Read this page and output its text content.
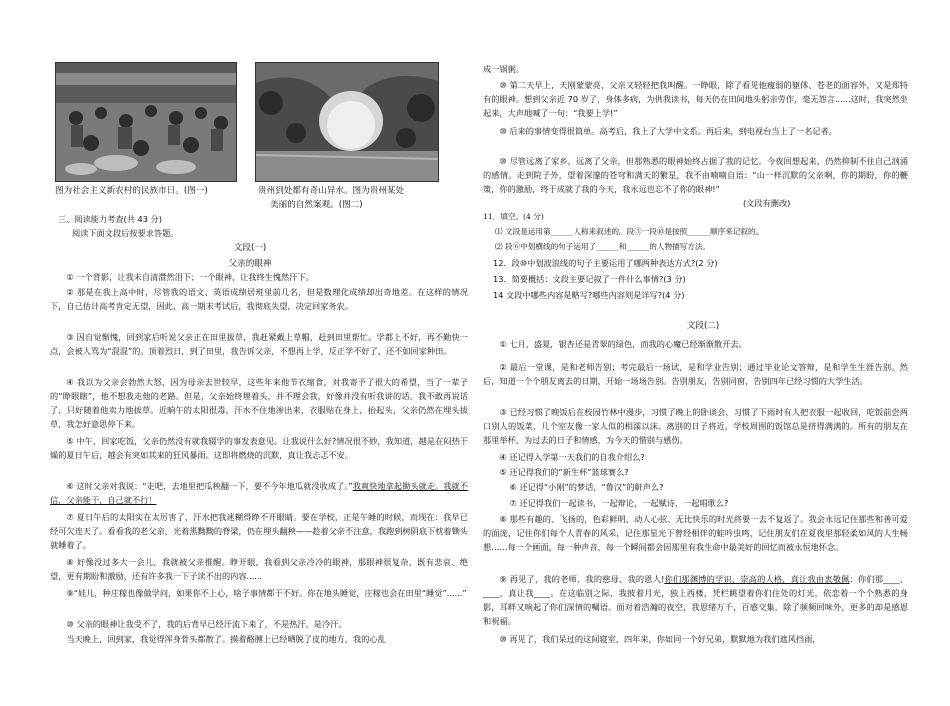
图为社会主义新农村的民族市日。(图一)	贵州到处都有奇山异水。图为贵州某处
美丽的自然案观。(图二)
三、阅读能力考查(共 43 分)
阅读下面文段后按要求答题。
文段(一)
父亲的眼神
① 一个背影，让我未自清潸然泪下；一个眼神，让我终生愧然汗下。
② 那是在我上高中时，尽管我的语文、英语成绩居班里前几名，但是数理化成绩却出奇地差。在这样的情况下，自己估计高考肯定无望，因此，高一期末考试后，我彻底失望，决定回家务农。
③ 因自觉惭愧，回到家后听说父亲正在田里拔草，我赶紧戴上草帽，赶到田里帮忙。学都上不好，再不勤快一点，会被人骂为“混混”的。顶着烈日，到了田里，我告诉父亲，不想再上学，反正学不好了，还不如回家种田。
④ 我以为父亲会勃然大怒，因为母亲去世较早，这些年来他节衣缩食，对我寄予了很大的希望，当了一辈子的“睁眼瞎”，他不想我走他的老路。但是，父亲始终埋着头，并不理会我，好像并没有听我讲的话。我不敢再说话了，只好随着他卖力地拔草。近晌午的太阳很毒，汗水不住地渗出来，衣服贴在身上，抬起头，父亲仍然在埋头拔草，我怎好意思停下来。
⑤ 中午，回家吃饭，父亲仍然没有就我辍学的事发表意见。让我说什么好?情况很不妙，我知道，越是在闷热干燥的夏日午后，越会有突如其来的狂风暴雨。这即将燃烧的沉默，真让我忐忑不安。
⑥ 这时父亲对我说：“走吧，去地里把瓜秧翻一下，要不今年地瓜就没收成了。”我爽快地拿起锄头就走。我就不信，父亲能干，自己就不行！
⑦ 夏日午后的太阳实在太厉害了，汗水把我迷糊得睁不开眼睛。要在学校，正是午睡的时候，而现在：我早已经可欠连天了。看看我的老父亲，光着黑黝黝的脊梁，仍在埋头翻秧——趁着父亲不注意，我跑到树阴底下枕着锄头就睡着了。
⑧ 好像没过多大一会儿，我就被父亲推醒。睁开眼，我看到父亲冷冷的眼神，那眼神很复杂，既有悲哀、绝望，更有期盼和激励，还有许多我一下子读不出的内容......
⑨“娃儿，种庄稼也像做学问，如果你不上心，啥子事情都干不好。你在地头睡觉，庄稼也会在田里“睡觉”......”
⑩ 父亲的眼神让我受不了，我的后背早已经汗流下来了，不是热汗，是冷汗。
当天晚上，回到家，我觉得浑身骨头都散了。摸着酪膊上已经晒脱了皮的地方，我的心乱
成一锅粥。
⑩ 第二天早上，天刚蒙蒙亮，父亲又轻轻把我叫醒。一睁眼，除了看见他瘦弱的躯体、苍老的面容外，又是郑特有的眼神。想到父亲近 70 岁了，身体多病，为供我读书，每天仍在田间地头躬亲劳作，毫无怨言......这时，我突然坐起来，大声地喊了一句：“我要上学!”
⑩ 后来的事情变得很简单。高考后，我上了大学中文系。再后来，到电视台当上了一名记者。
⑩ 尽管远离了家乡，远离了父亲，但那熟悉的眼神始终占据了我的记忆。今夜回想起来，仍然抑制不住自己汹涌的感情。走到院子外，望着深邃的苍穹和满天的繁星，我不由喃喃自语：“山一样沉默的父亲啊，你的期盼，你的鞭策，你的激励，终于成就了我的今天，我永远也忘不了你的眼神!”
(文段有删改)
11．填空。(4 分)
⑴ 文段是运用第______人称来叙述的。段③一段⑩是按照______顺序来记叙的。
⑵ 段⑥中划横线的句子运用了______和______的人物描写方法。
12．段⑩中划波浪线的句子主要运用了哪两种表达方式?(2 分)
13．简要概括：文段主要记叙了一件什么事情?(3 分)
14 文段中哪些内容是略写?哪些内容则是详写?(4 分)
文段(二)
① 七月，盛夏，银杏还是青翠的绿色，而我的心魔已经渐渐散开去。
② 最后一堂课，是和老师告别；考完最后一场试，是和学业告别；通过毕业论文答辩，是和学生生涯告别。然后，知道一个个朋友离去的日期，开始一场场告别。告别朋友，告别同窗，告别四年已经习惯的大学生活。
③ 已经习惯了晚饭后在校园竹林中漫步，习惯了晚上的卧谈会，习惯了下雨时有人把衣服一起收回，吃饭前尝两口别人的饭菜，几个室友像一家人似的相濡以沫。离别的日子将近，学校周围的饭馆总是挤得满满的。所有的朋友在那里举杯，为过去的日子和情感，为今天的惜别与感伤。
④ 还记得入学第一天我们的自我介绍么?
⑤ 还记得我们的“新生杯”篮球赛么?
⑥ 还记得“小刚”的梦话，“鲁汉”的鼾声么?
⑦ 还记得我们一起读书，一起辩论，一起赋诗，一起唱歌么?
⑧ 那些有趣的、飞扬的，色彩鲜明、动人心弦、无比快乐的时光将要一去不复返了。我会永远记住那些和善可爱的面庞，记住你们每个人青春的风采，记住那星光下曾经相伴的蛙吟虫鸣，记住朋友们在夏夜里那轻柔如风的人生畅想……每一个画面，每一种声音，每一个瞬间都会因那里有我生命中最美好的回忆而被永恒地怀念。
⑨ 再见了，我的老师、我的慈母、我的恩人!你们那渊博的学识、崇高的人格，真让我由衷敬佩：你们那____、____，真让我____。在这临别之际，我披着月光，独上西楼，凭栏眺望着你们住处的灯光，依恋着一个个熟悉的身影，耳畔又响起了你们深情的嘱语。面对着浩瀚的夜空，我思绪万千，百感交集，除了频频回味外，更多的却是感恩和祝福。
⑩ 再见了，我们呆过的这间寝室，四年来，你如同一个好兄弟，默默地为我们遮风挡雨，
